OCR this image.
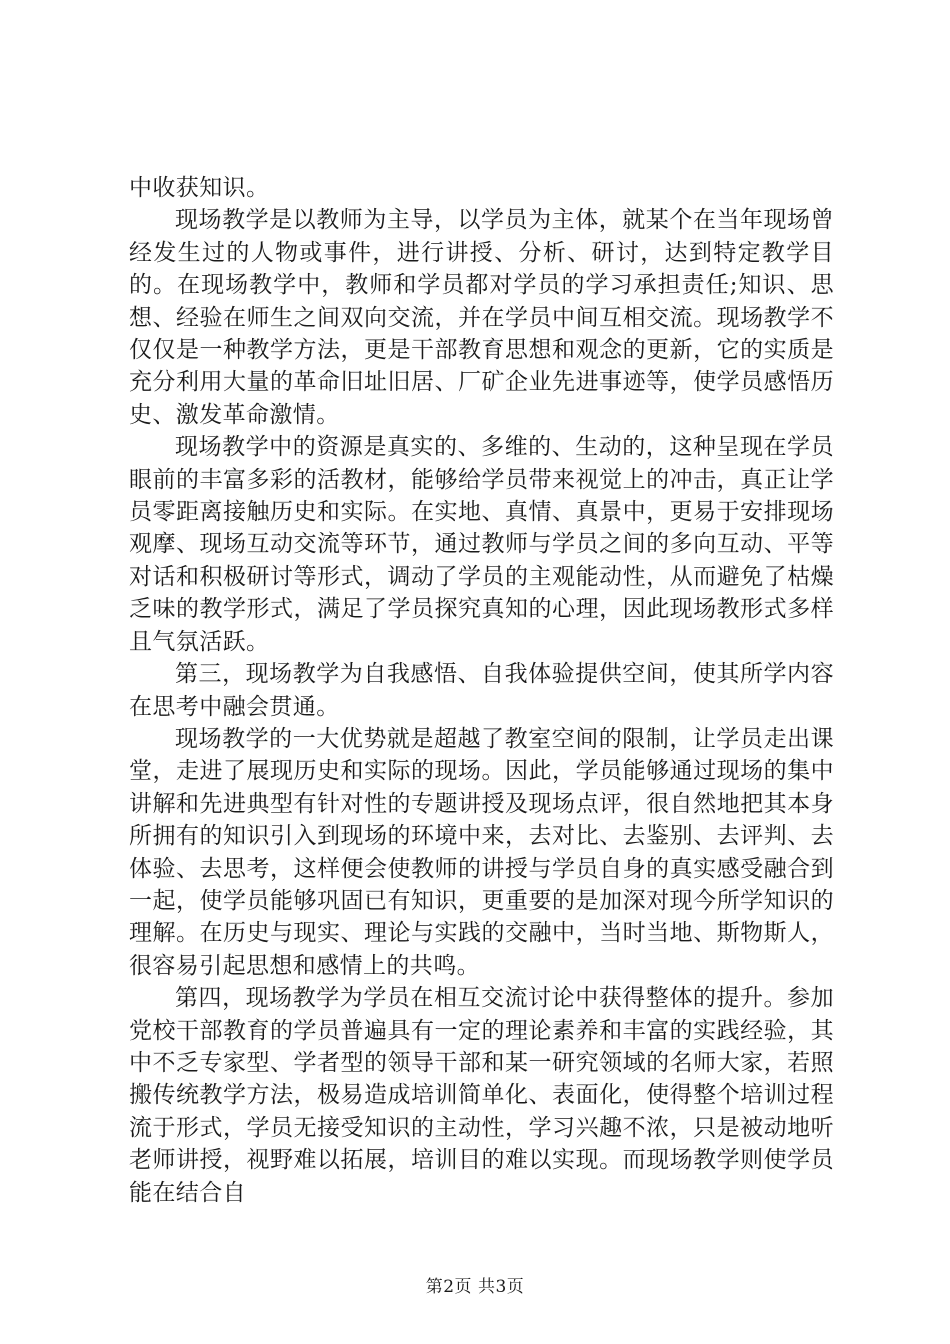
中收获知识。

现场教学是以教师为主导，以学员为主体，就某个在当年现场曾经发生过的人物或事件，进行讲授、分析、研讨，达到特定教学目的。在现场教学中，教师和学员都对学员的学习承担责任;知识、思想、经验在师生之间双向交流，并在学员中间互相交流。现场教学不仅仅是一种教学方法，更是干部教育思想和观念的更新，它的实质是充分利用大量的革命旧址旧居、厂矿企业先进事迹等，使学员感悟历史、激发革命激情。

现场教学中的资源是真实的、多维的、生动的，这种呈现在学员眼前的丰富多彩的活教材，能够给学员带来视觉上的冲击，真正让学员零距离接触历史和实际。在实地、真情、真景中，更易于安排现场观摩、现场互动交流等环节，通过教师与学员之间的多向互动、平等对话和积极研讨等形式，调动了学员的主观能动性，从而避免了枯燥乏味的教学形式，满足了学员探究真知的心理，因此现场教形式多样且气氛活跃。

第三，现场教学为自我感悟、自我体验提供空间，使其所学内容在思考中融会贯通。

现场教学的一大优势就是超越了教室空间的限制，让学员走出课堂，走进了展现历史和实际的现场。因此，学员能够通过现场的集中讲解和先进典型有针对性的专题讲授及现场点评，很自然地把其本身所拥有的知识引入到现场的环境中来，去对比、去鉴别、去评判、去体验、去思考，这样便会使教师的讲授与学员自身的真实感受融合到一起，使学员能够巩固已有知识，更重要的是加深对现今所学知识的理解。在历史与现实、理论与实践的交融中，当时当地、斯物斯人，很容易引起思想和感情上的共鸣。

第四，现场教学为学员在相互交流讨论中获得整体的提升。参加党校干部教育的学员普遍具有一定的理论素养和丰富的实践经验，其中不乏专家型、学者型的领导干部和某一研究领域的名师大家，若照搬传统教学方法，极易造成培训简单化、表面化，使得整个培训过程流于形式，学员无接受知识的主动性，学习兴趣不浓，只是被动地听老师讲授，视野难以拓展，培训目的难以实现。而现场教学则使学员能在结合自

第2页 共3页
